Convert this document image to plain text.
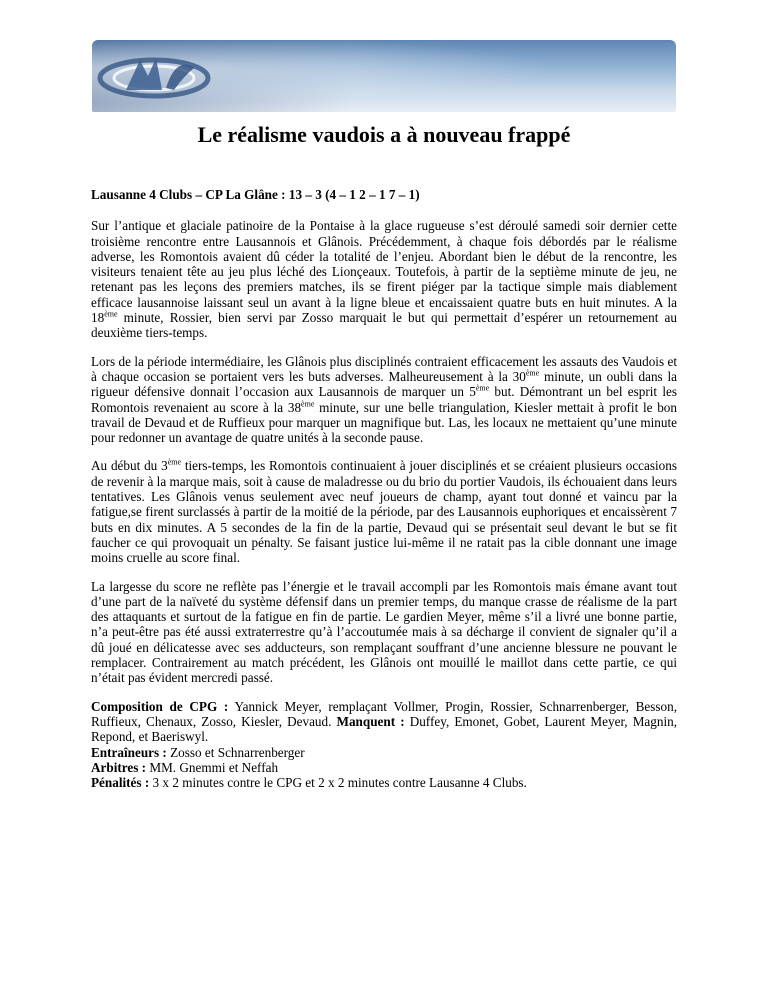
Le réalisme vaudois a à nouveau frappé

Lausanne 4 Clubs – CP La Glâne : 13 – 3 (4 – 1 2 – 1 7 – 1)

Sur l’antique et glaciale patinoire de la Pontaise à la glace rugueuse s’est déroulé samedi soir dernier cette troisième rencontre entre Lausannois et Glânois. Précédemment, à chaque fois débordés par le réalisme adverse, les Romontois avaient dû céder la totalité de l’enjeu. Abordant bien le début de la rencontre, les visiteurs tenaient tête au jeu plus léché des Lionçeaux. Toutefois, à partir de la septième minute de jeu, ne retenant pas les leçons des premiers matches, ils se firent piéger par la tactique simple mais diablement efficace lausannoise laissant seul un avant à la ligne bleue et encaissaient quatre buts en huit minutes. A la 18ème minute, Rossier, bien servi par Zosso marquait le but qui permettait d’espérer un retournement au deuxième tiers-temps.

Lors de la période intermédiaire, les Glânois plus disciplinés contraient efficacement les assauts des Vaudois et à chaque occasion se portaient vers les buts adverses. Malheureusement à la 30ème minute, un oubli dans la rigueur défensive donnait l’occasion aux Lausannois de marquer un 5ème but. Démontrant un bel esprit les Romontois revenaient au score à la 38ème minute, sur une belle triangulation, Kiesler mettait à profit le bon travail de Devaud et de Ruffieux pour marquer un magnifique but. Las, les locaux ne mettaient qu’une minute pour redonner un avantage de quatre unités à la seconde pause.

Au début du 3ème tiers-temps, les Romontois continuaient à jouer disciplinés et se créaient plusieurs occasions de revenir à la marque mais, soit à cause de maladresse ou du brio du portier Vaudois, ils échouaient dans leurs tentatives. Les Glânois venus seulement avec neuf joueurs de champ, ayant tout donné et vaincu par la fatigue,se firent surclassés à partir de la moitié de la période, par des Lausannois euphoriques et encaissèrent 7 buts en dix minutes. A 5 secondes de la fin de la partie, Devaud qui se présentait seul devant le but se fit faucher ce qui provoquait un pénalty. Se faisant justice lui-même il ne ratait pas la cible donnant une image moins cruelle au score final.

La largesse du score ne reflète pas l’énergie et le travail accompli par les Romontois mais émane avant tout d’une part de la naïveté du système défensif dans un premier temps, du manque crasse de réalisme de la part des attaquants et surtout de la fatigue en fin de partie. Le gardien Meyer, même s’il a livré une bonne partie, n’a peut-être pas été aussi extraterrestre qu’à l’accoutumée mais à sa décharge il convient de signaler qu’il a dû joué en délicatesse avec ses adducteurs, son remplaçant souffrant d’une ancienne blessure ne pouvant le remplacer. Contrairement au match précédent, les Glânois ont mouillé le maillot dans cette partie, ce qui n’était pas évident mercredi passé.

Composition de CPG : Yannick Meyer, remplaçant Vollmer, Progin, Rossier, Schnarrenberger, Besson, Ruffieux, Chenaux, Zosso, Kiesler, Devaud. Manquent : Duffey, Emonet, Gobet, Laurent Meyer, Magnin, Repond, et Baeriswyl.

Entraîneurs : Zosso et Schnarrenberger

Arbitres : MM. Gnemmi et Neffah

Pénalités : 3 x 2 minutes contre le CPG et 2 x 2 minutes contre Lausanne 4 Clubs.
